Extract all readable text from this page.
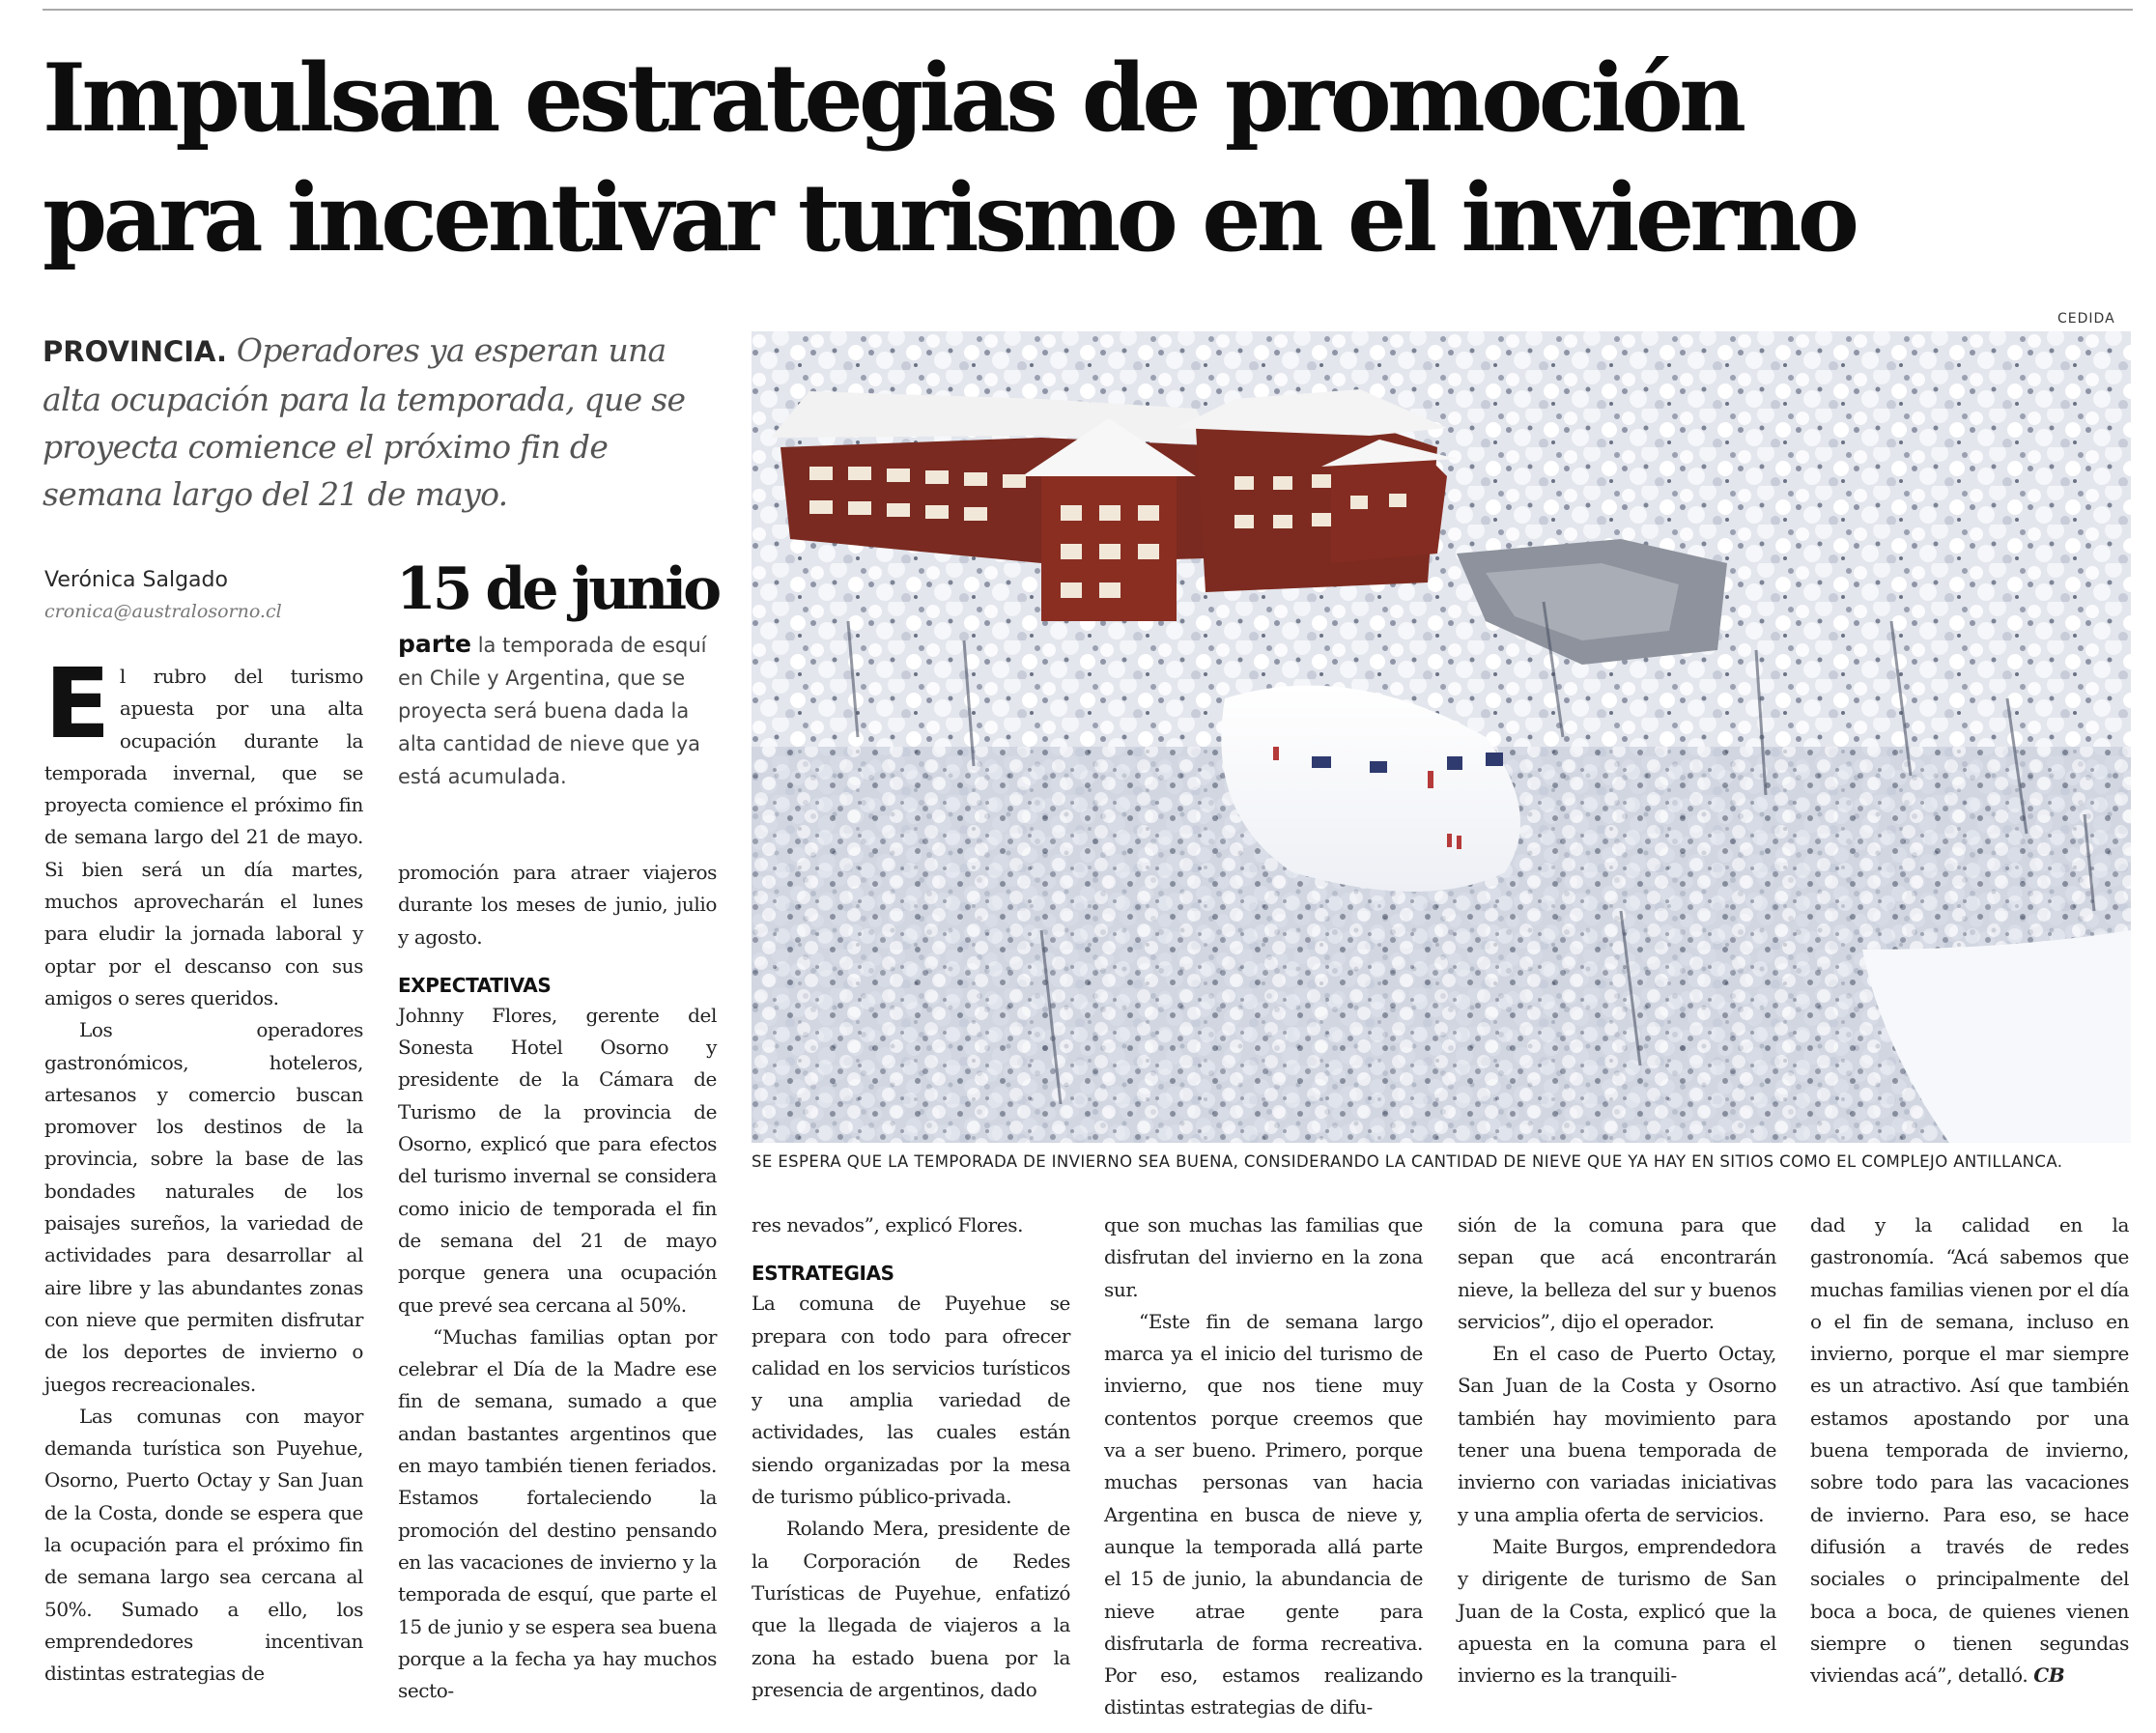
Impulsan estrategias de promoción
para incentivar turismo en el invierno
PROVINCIA. Operadores ya esperan una alta ocupación para la temporada, que se proyecta comience el próximo fin de semana largo del 21 de mayo.
Verónica Salgado
cronica@australosorno.cl 15 de junio
parte la temporada de esquí en Chile y Argentina, que se proyecta será buena dada la alta cantidad de nieve que ya está acumulada.

El rubro del turismo apuesta por una alta ocupación durante la temporada invernal, que se proyecta comience el próximo fin de semana largo del 21 de mayo. Si bien será un día martes, muchos aprovecharán el lunes para eludir la jornada laboral y optar por el descanso con sus amigos o seres queridos.

Los operadores gastronómicos, hoteleros, artesanos y comercio buscan promover los destinos de la provincia, sobre la base de las bondades naturales de los paisajes sureños, la variedad de actividades para desarrollar al aire libre y las abundantes zonas con nieve que permiten disfrutar de los deportes de invierno o juegos recreacionales.

Las comunas con mayor demanda turística son Puyehue, Osorno, Puerto Octay y San Juan de la Costa, donde se espera que la ocupación para el próximo fin de semana largo sea cercana al 50%. Sumado a ello, los emprendedores incentivan distintas estrategias de

promoción para atraer viajeros durante los meses de junio, julio y agosto.

EXPECTATIVAS

Johnny Flores, gerente del Sonesta Hotel Osorno y presidente de la Cámara de Turismo de la provincia de Osorno, explicó que para efectos del turismo invernal se considera como inicio de temporada el fin de semana del 21 de mayo porque genera una ocupación que prevé sea cercana al 50%.

“Muchas familias optan por celebrar el Día de la Madre ese fin de semana, sumado a que andan bastantes argentinos que en mayo también tienen feriados. Estamos fortaleciendo la promoción del destino pensando en las vacaciones de invierno y la temporada de esquí, que parte el 15 de junio y se espera sea buena porque a la fecha ya hay muchos secto-

CEDIDA
SE ESPERA QUE LA TEMPORADA DE INVIERNO SEA BUENA, CONSIDERANDO LA CANTIDAD DE NIEVE QUE YA HAY EN SITIOS COMO EL COMPLEJO ANTILLANCA.

res nevados”, explicó Flores.

ESTRATEGIAS

La comuna de Puyehue se prepara con todo para ofrecer calidad en los servicios turísticos y una amplia variedad de actividades, las cuales están siendo organizadas por la mesa de turismo público-privada.

Rolando Mera, presidente de la Corporación de Redes Turísticas de Puyehue, enfatizó que la llegada de viajeros a la zona ha estado buena por la presencia de argentinos, dado

que son muchas las familias que disfrutan del invierno en la zona sur.

“Este fin de semana largo marca ya el inicio del turismo de invierno, que nos tiene muy contentos porque creemos que va a ser bueno. Primero, porque muchas personas van hacia Argentina en busca de nieve y, aunque la temporada allá parte el 15 de junio, la abundancia de nieve atrae gente para disfrutarla de forma recreativa. Por eso, estamos realizando distintas estrategias de difu-

sión de la comuna para que sepan que acá encontrarán nieve, la belleza del sur y buenos servicios”, dijo el operador.

En el caso de Puerto Octay, San Juan de la Costa y Osorno también hay movimiento para tener una buena temporada de invierno con variadas iniciativas y una amplia oferta de servicios.

Maite Burgos, emprendedora y dirigente de turismo de San Juan de la Costa, explicó que la apuesta en la comuna para el invierno es la tranquili-

dad y la calidad en la gastronomía. “Acá sabemos que muchas familias vienen por el día o el fin de semana, incluso en invierno, porque el mar siempre es un atractivo. Así que también estamos apostando por una buena temporada de invierno, sobre todo para las vacaciones de invierno. Para eso, se hace difusión a través de redes sociales o principalmente del boca a boca, de quienes vienen siempre o tienen segundas viviendas acá”, detalló. CB
